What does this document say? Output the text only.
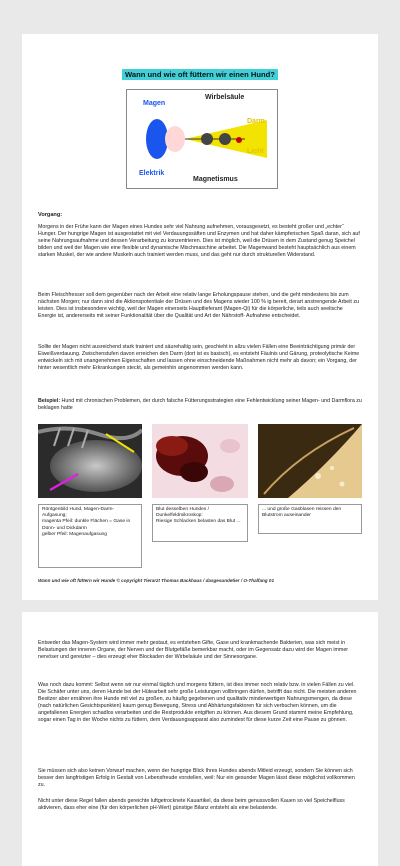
Wann und wie oft füttern wir einen Hund?
Magen
Wirbelsäule
Darm
Licht
Elektrik
Magnetismus
Vorgang:

Morgens in der Frühe kann der Magen eines Hundes sehr viel Nahrung aufnehmen, vorausgesetzt, es besteht großer und „echter“ Hunger. Der hungrige Magen ist ausgestattet mit viel Verdauungssäften und Enzymen und hat daher kämpferischen Spaß daran, sich auf seine Nahrungsaufnahme und dessen Verarbeitung zu konzentrieren. Dies ist möglich, weil die Drüsen in dem Zustand genug Speichel bilden und weil der Magen wie eine flexible und dynamische Mischmaschine arbeitet. Die Magenwand besteht hauptsächlich aus einem starken Muskel, der wie andere Muskeln auch trainiert werden muss, und das geht nur durch strukturellen Widerstand.

Beim Fleischfresser soll dem gegenüber nach der Arbeit eine relativ lange Erholungspause stehen, und die geht mindestens bis zum nächsten Morgen; nur dann sind die Aktionspotentiale der Drüsen und des Magens wieder 100 % ig bereit, derart anstrengende Arbeit zu leisten. Dies ist insbesondere wichtig, weil der Magen einerseits Hauptlieferant (Magen-Qi) für die körperliche, teils auch seelische Energie ist, andererseits mit seiner Funktionalität über die Qualität und Art der Nährstoff- Aufnahme entscheidet.

Sollte der Magen nicht ausreichend stark trainiert und säurehaltig sein, geschieht in allzu vielen Fällen eine Beeinträchtigung primär der Eiweißverdauung. Zwischenstufen davon erreichen den Darm (dort ist es basisch), es entsteht Fäulnis und Gärung, proteolytische Keime entwickeln sich mit unangenehmen Eigenschaften und lassen ohne einschneidende Maßnahmen nicht mehr ab davon; ein Vorgang, der hinter wesentlich mehr Erkrankungen steckt, als gemeinhin angenommen werden kann.

Beispiel: Hund mit chronischen Problemen, der durch falsche Fütterungsstrategien eine Fehlentwicklung seiner Magen- und Darmflora zu beklagen hatte

Röntgenbild Hund, Magen-Darm- Aufgasung;
magenta Pfeil: dunkle Flächen = Gase in Dünn- und Dickdarm
gelber Pfeil: Magenaufgasung
Blut desselben Hundes / Dunkelfeldmikroskop:
Riesige Schlacken belasten das Blut ...
... und große Gasblasen reissen den Blutstrom auseinander
Wann und wie oft füttern wir Hunde © copyright Tierarzt Thomas Backhaus / dasgesundetier / O-Thalfang 01

Entweder das Magen-System wird immer mehr gestaut, es entstehen Gifte, Gase und krankmachende Bakterien, was sich meist in Belastungen der inneren Organe, der Nerven und der Blutgefäße bemerkbar macht, oder im Gegensatz dazu wird der Magen immer nervöser und gereizter – dies erzeugt eher Blockaden der Wirbelsäule und der Sinnesorgane.

Was noch dazu kommt: Selbst wenn wir nur einmal täglich und morgens füttern, ist dies immer noch relativ bzw. in vielen Fällen zu viel. Die Schäfer unter uns, deren Hunde bei der Hütearbeit sehr große Leistungen vollbringen dürfen, betrifft das nicht. Die meisten anderen Besitzer aber ernähren ihre Hunde mit viel zu großen, zu häufig gegebenen und qualitativ minderwertigen Nahrungsmengen, da diese (nach natürlichen Gesichtspunkten) kaum genug Bewegung, Stress und Abhärtungsfaktoren für sich verbuchen können, um die angefallenen Energien schadlos verarbeiten und die Restprodukte entgiften zu können. Aus diesem Grund stammt meine Empfehlung, sogar einen Tag in der Woche nichts zu füttern, dem Verdauungsapparat also zumindest für diese kurze Zeit eine Pause zu gönnen.

Sie müssen sich also keinen Vorwurf machen, wenn der hungrige Blick Ihres Hundes abends Mitleid erzeugt, sondern Sie können sich besser den langfristigen Erfolg in Gestalt von Lebensfreude vorstellen, weil: Nur ein gesunder Magen lässt diese möglichst vollkommen zu.

Nicht unter diese Regel fallen abends gereichte luftgetrocknete Kauartikel, da diese beim genussvollen Kauen so viel Speichelfluss aktivieren, dass eher eine (für den körperlichen pH-Wert) günstige Bilanz entsteht als eine belastende.
